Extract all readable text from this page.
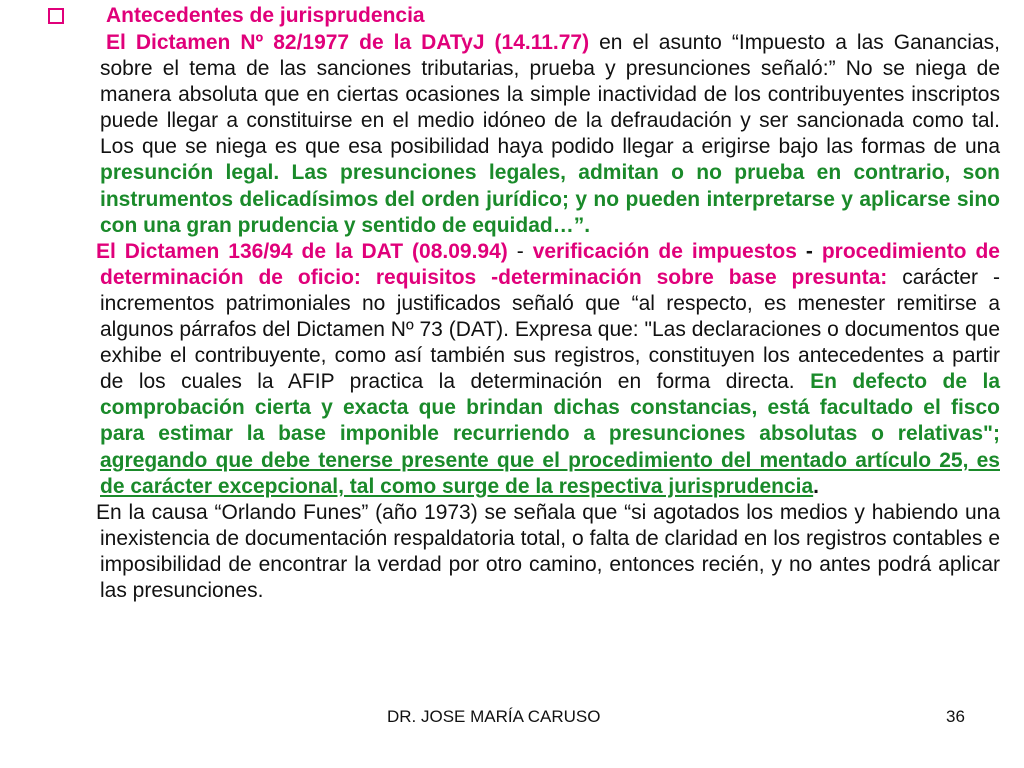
Antecedentes de jurisprudencia

El Dictamen Nº 82/1977 de la DATyJ (14.11.77) en el asunto “Impuesto a las Ganancias, sobre el tema de las sanciones tributarias, prueba y presunciones señaló:” No se niega de manera absoluta que en ciertas ocasiones la simple inactividad de los contribuyentes inscriptos puede llegar a constituirse en el medio idóneo de la defraudación y ser sancionada como tal. Los que se niega es que esa posibilidad haya podido llegar a erigirse bajo las formas de una presunción legal. Las presunciones legales, admitan o no prueba en contrario, son instrumentos delicadísimos del orden jurídico; y no pueden interpretarse y aplicarse sino con una gran prudencia y sentido de equidad…”.

El Dictamen 136/94 de la DAT (08.09.94) - verificación de impuestos - procedimiento de determinación de oficio: requisitos -determinación sobre base presunta: carácter - incrementos patrimoniales no justificados señaló que “al respecto, es menester remitirse a algunos párrafos del Dictamen Nº 73 (DAT). Expresa que: "Las declaraciones o documentos que exhibe el contribuyente, como así también sus registros, constituyen los antecedentes a partir de los cuales la AFIP practica la determinación en forma directa. En defecto de la comprobación cierta y exacta que brindan dichas constancias, está facultado el fisco para estimar la base imponible recurriendo a presunciones absolutas o relativas"; agregando que debe tenerse presente que el procedimiento del mentado artículo 25, es de carácter excepcional, tal como surge de la respectiva jurisprudencia.

En la causa “Orlando Funes” (año 1973) se señala que “si agotados los medios y habiendo una inexistencia de documentación respaldatoria total, o falta de claridad en los registros contables e imposibilidad de encontrar la verdad por otro camino, entonces recién, y no antes podrá aplicar las presunciones.

DR. JOSE MARÍA CARUSO	36
